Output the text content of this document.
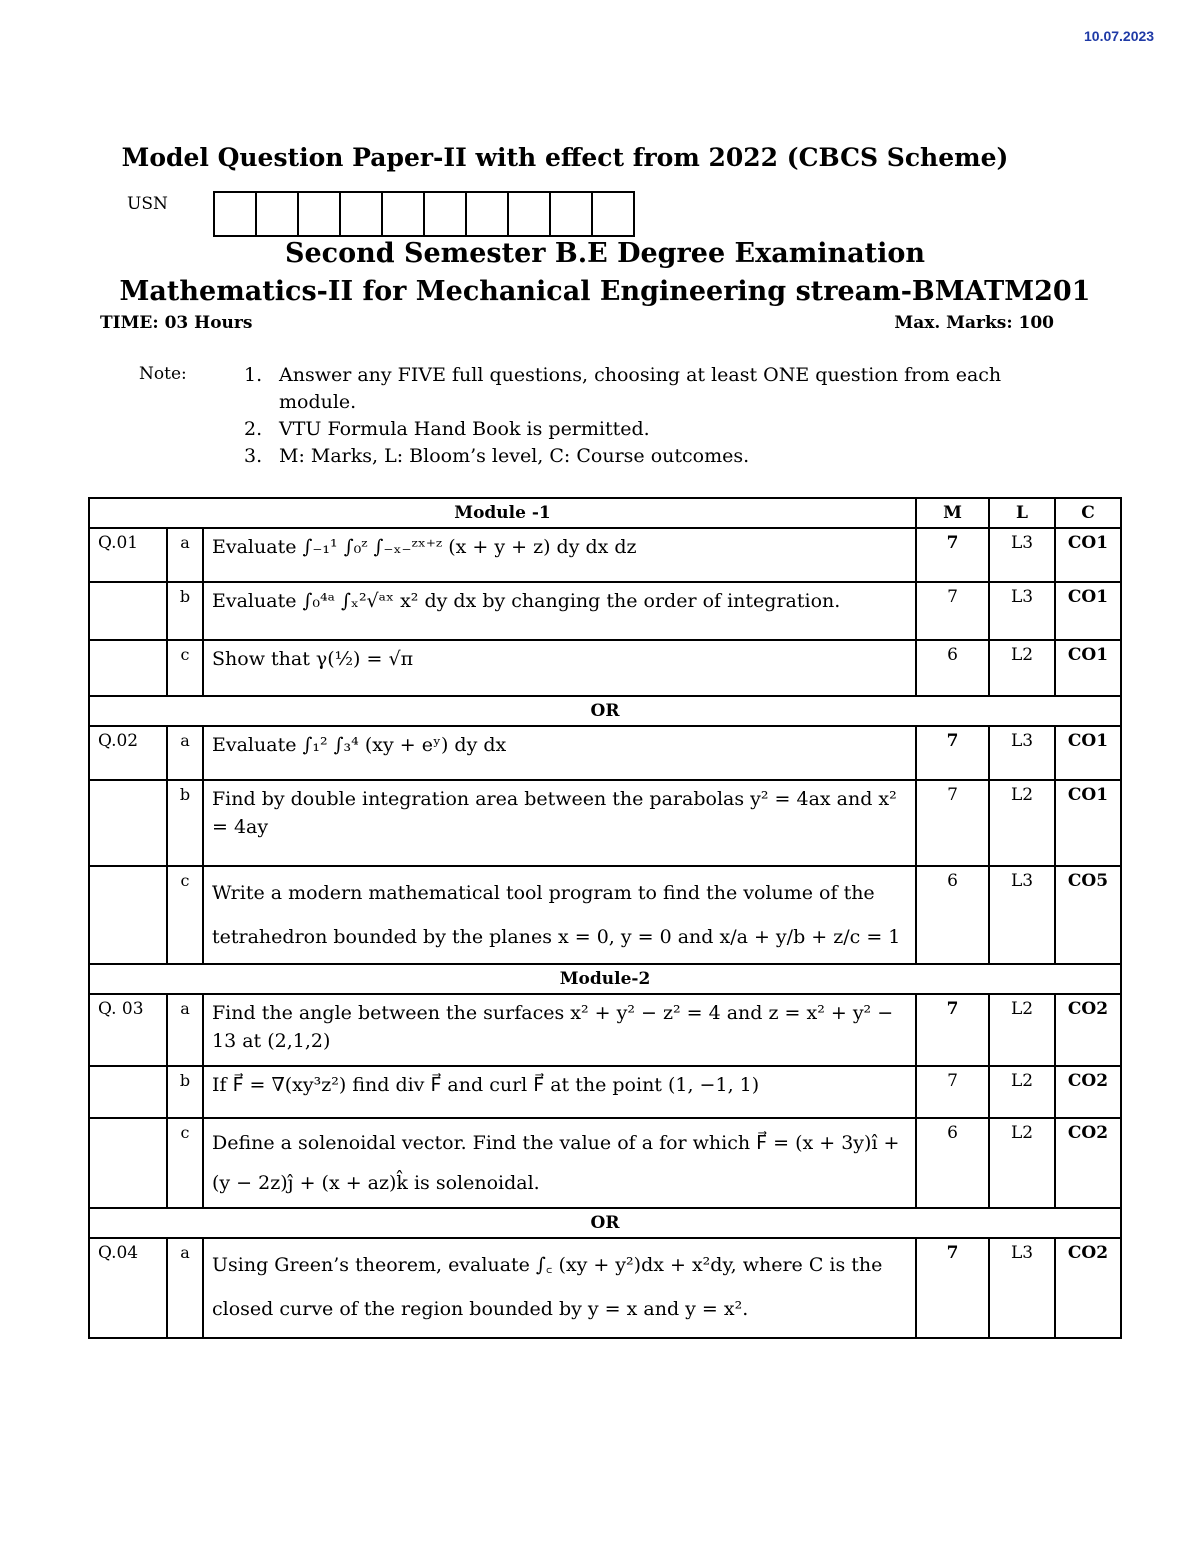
10.07.2023
Model Question Paper-II with effect from 2022 (CBCS Scheme)
USN
Second Semester B.E Degree Examination
Mathematics-II for Mechanical Engineering stream-BMATM201
TIME: 03 Hours	Max. Marks: 100
Note:	1. Answer any FIVE full questions, choosing at least ONE question from each module.
2. VTU Formula Hand Book is permitted.
3. M: Marks, L: Bloom’s level, C: Course outcomes.
Module -1			M	L	C
Q.01	a	Evaluate ∫₋₁¹ ∫₀ᶻ ∫₋ₓ₋ᶻˣ⁺ᶻ (x + y + z) dy dx dz	7	L3	CO1
	b	Evaluate ∫₀⁴ᵃ ∫ₓ²√ᵃˣ x² dy dx by changing the order of integration.	7	L3	CO1
	c	Show that γ(½) = √π	6	L2	CO1
OR					
Q.02	a	Evaluate ∫₁² ∫₃⁴ (xy + eʸ) dy dx	7	L3	CO1
	b	Find by double integration area between the parabolas y² = 4ax and x² = 4ay	7	L2	CO1
	c	Write a modern mathematical tool program to find the volume of the tetrahedron bounded by the planes x = 0, y = 0 and x/a + y/b + z/c = 1	6	L3	CO5
Module-2					
Q. 03	a	Find the angle between the surfaces x² + y² − z² = 4 and z = x² + y² − 13 at (2,1,2)	7	L2	CO2
	b	If F⃗ = ∇(xy³z²) find div F⃗ and curl F⃗ at the point (1, −1, 1)	7	L2	CO2
	c	Define a solenoidal vector. Find the value of a for which F⃗ = (x + 3y)î + (y − 2z)ĵ + (x + az)k̂ is solenoidal.	6	L2	CO2
OR					
Q.04	a	Using Green’s theorem, evaluate ∫꜀ (xy + y²)dx + x²dy, where C is the closed curve of the region bounded by y = x and y = x².	7	L3	CO2
